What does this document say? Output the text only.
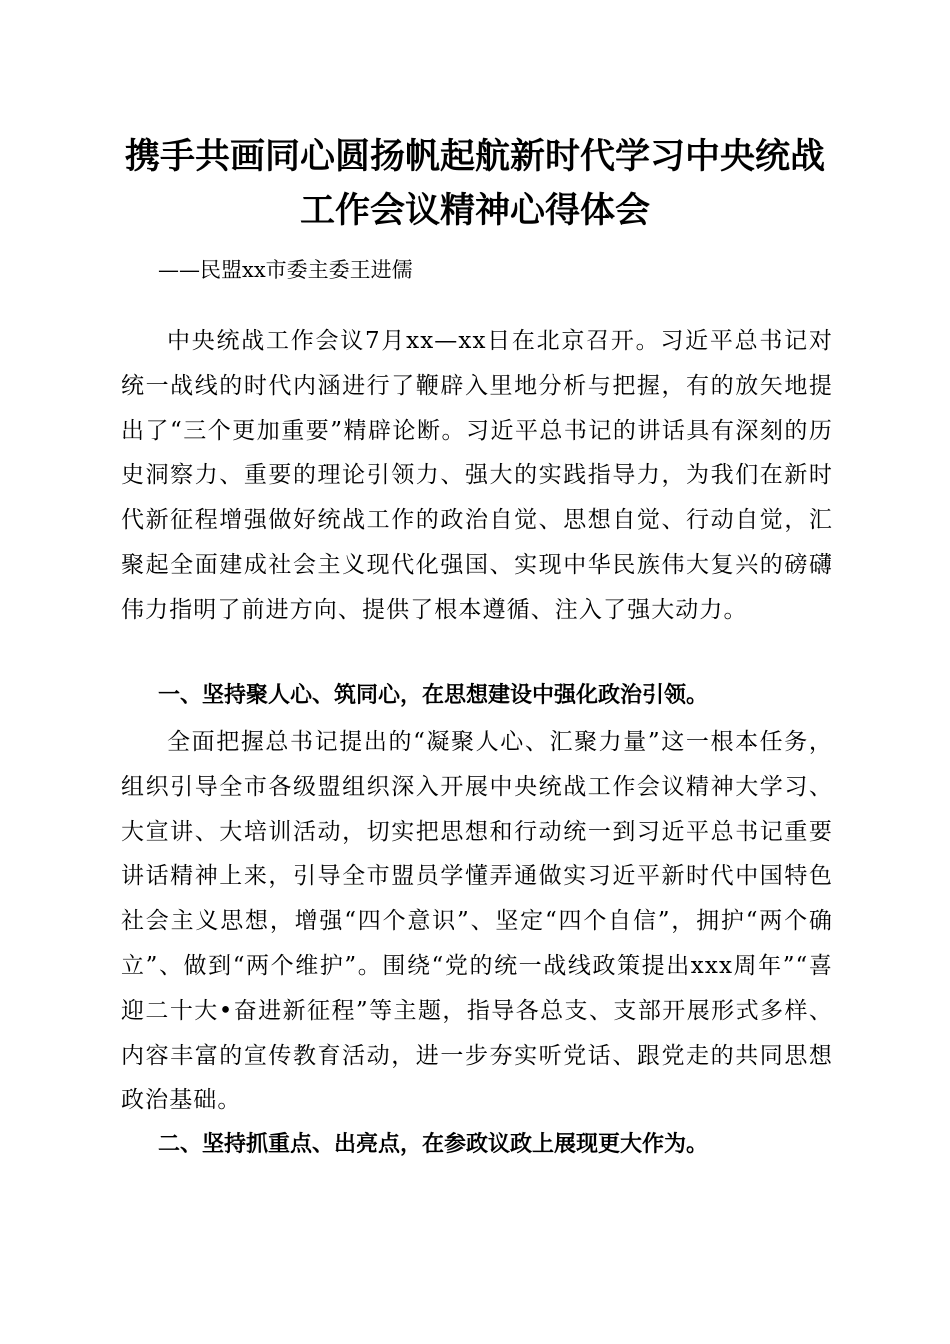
携手共画同心圆扬帆起航新时代学习中央统战
工作会议精神心得体会

——民盟xx市委主委王进儒

中央统战工作会议7月xx—xx日在北京召开。习近平总书记对统一战线的时代内涵进行了鞭辟入里地分析与把握，有的放矢地提出了“三个更加重要”精辟论断。习近平总书记的讲话具有深刻的历史洞察力、重要的理论引领力、强大的实践指导力，为我们在新时代新征程增强做好统战工作的政治自觉、思想自觉、行动自觉，汇聚起全面建成社会主义现代化强国、实现中华民族伟大复兴的磅礴伟力指明了前进方向、提供了根本遵循、注入了强大动力。

一、坚持聚人心、筑同心，在思想建设中强化政治引领。

全面把握总书记提出的“凝聚人心、汇聚力量”这一根本任务，组织引导全市各级盟组织深入开展中央统战工作会议精神大学习、大宣讲、大培训活动，切实把思想和行动统一到习近平总书记重要讲话精神上来，引导全市盟员学懂弄通做实习近平新时代中国特色社会主义思想，增强“四个意识”、坚定“四个自信”，拥护“两个确立”、做到“两个维护”。围绕“党的统一战线政策提出xxx周年”“喜迎二十大•奋进新征程”等主题，指导各总支、支部开展形式多样、内容丰富的宣传教育活动，进一步夯实听党话、跟党走的共同思想政治基础。

二、坚持抓重点、出亮点，在参政议政上展现更大作为。
